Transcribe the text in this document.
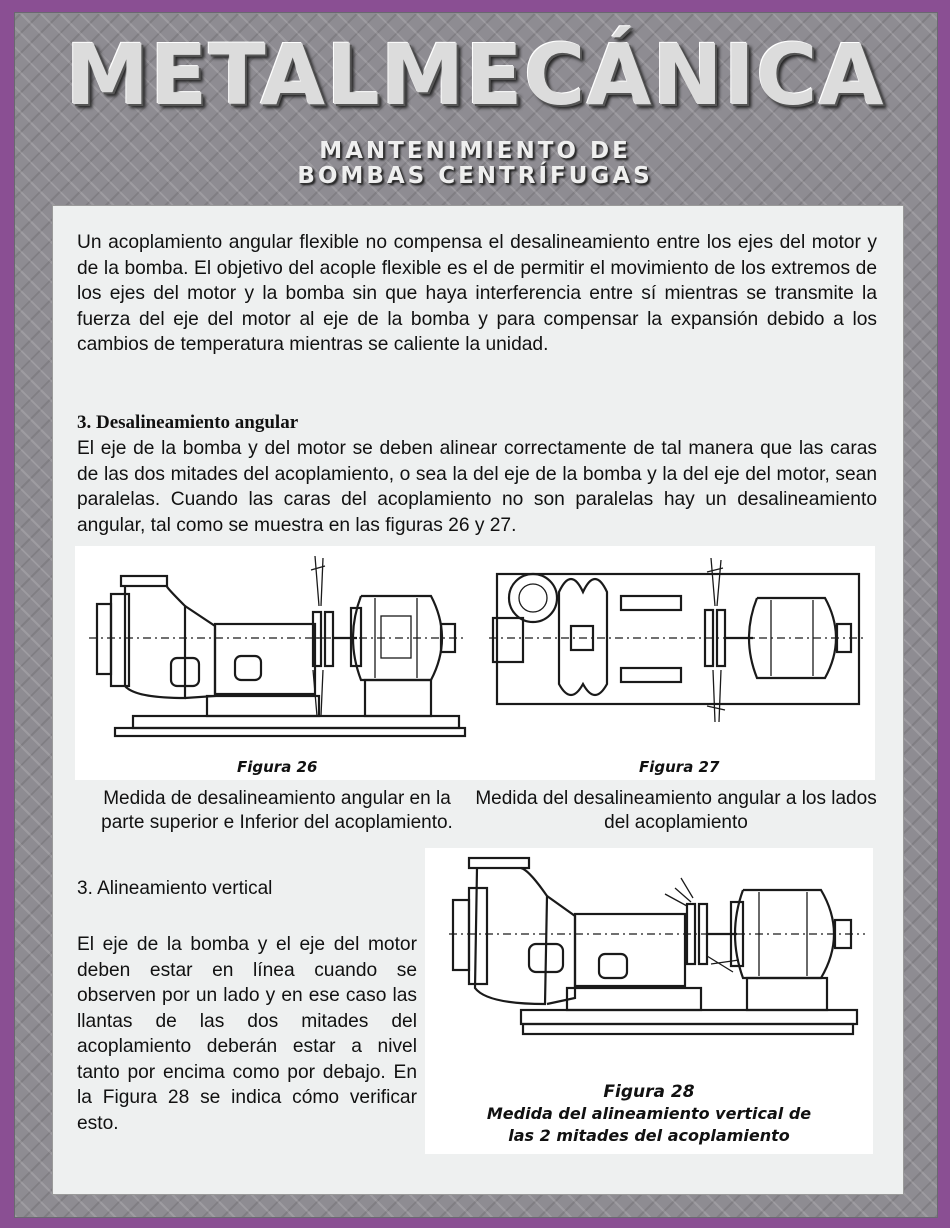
METALMECÁNICA

MANTENIMIENTO DE

BOMBAS CENTRÍFUGAS

Un acoplamiento angular flexible no compensa el desalineamiento entre los ejes del motor y de la bomba. El objetivo del acople flexible es el de permitir el movimiento de los extremos de los ejes del motor y la bomba sin que haya interferencia entre sí mientras se transmite la fuerza del eje del motor al eje de la bomba y para compensar la expansión debido a los cambios de temperatura mientras se caliente la unidad.

3. Desalineamiento angular

El eje de la bomba y del motor se deben alinear correctamente de tal manera que las caras de las dos mitades del acoplamiento, o sea la del eje de la bomba y la del eje del motor, sean paralelas. Cuando las caras del acoplamiento no son paralelas hay un desalineamiento angular, tal como se muestra en las figuras 26 y 27.

Figura 26	Figura 27

Medida de desalineamiento angular en la parte superior e Inferior del acoplamiento.

Medida del desalineamiento angular a los lados del acoplamiento

3. Alineamiento vertical

El eje de la bomba y el eje del motor deben estar en línea cuando se observen por un lado y en ese caso las llantas de las dos mitades del acoplamiento deberán estar a nivel tanto por encima como por debajo. En la Figura 28 se indica cómo verificar esto.

Figura 28

Medida del alineamiento vertical de

las 2 mitades del acoplamiento
